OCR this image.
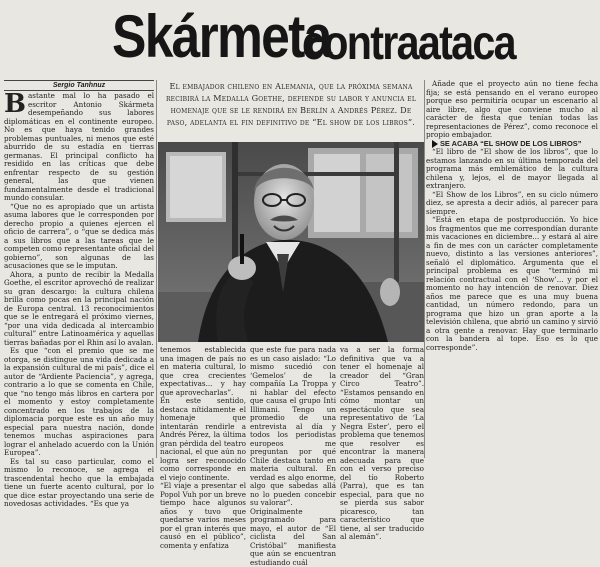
Skármeta
contraataca
Sergio Tanhnuz

Bastante mal lo ha pasado el escritor Antonio Skármeta desempeñando sus labores diplomáticas en el continente europeo. No es que haya tenido grandes problemas puntuales, ni menos que esté aburrido de su estadía en tierras germanas. El principal conflicto ha residido en las críticas que debe enfrentar respecto de su gestión general, las que vienen fundamentalmente desde el tradicional mundo consular.

“Que no es apropiado que un artista asuma labores que le corresponden por derecho propio a quienes ejercen el oficio de carrera”, o “que se dedica más a sus libros que a las tareas que le competen como representante oficial del gobierno”, son algunas de las acusaciones que se le imputan.

Ahora, a punto de recibir la Medalla Goethe, el escritor aprovechó de realizar su gran descargo: la cultura chilena brilla como pocas en la principal nación de Europa central. 13 reconocimientos que se le entregará el próximo viernes, “por una vida dedicada al intercambio cultural” entre Latinoamérica y aquellas tierras bañadas por el Rhin así lo avalan.

Es que “con el premio que se me otorga, se distingue una vida dedicada a la expansión cultural de mi país”, dice el autor de “Ardiente Paciencia”, y agrega, contrario a lo que se comenta en Chile, que “no tengo más libros en cartera por el momento y estoy completamente concentrado en los trabajos de la diplomacia porque este es un año muy especial para nuestra nación, donde tenemos muchas aspiraciones para lograr el anhelado acuerdo con la Unión Europea”.

Es tal su caso particular, como el mismo lo reconoce, se agrega el trascendental hecho que la embajada tiene un fuerte acento cultural, por lo que dice estar proyectando una serie de novedosas actividades. “Es que ya

El embajador chileno en Alemania, que la próxima semana recibirá la Medalla Goethe, defiende su labor y anuncia el homenaje que se le rendirá en Berlín a Andrés Pérez. De paso, adelanta el fin definitivo de “El show de los libros”.
tenemos establecida una imagen de país no en materia cultural, lo que crea crecientes expectativas... y hay que aprovecharlas”.
En este sentido, destaca nítidamente el homenaje que intentarán rendirle a Andrés Pérez, la última gran pérdida del teatro nacional, el que aún no logra ser reconocido como corresponde en el viejo continente.
“El viaje a presentar el Popol Vuh por un breve tiempo hace algunos años y tuvo que quedarse varios meses por el gran interés que causó en el público”, comenta y enfatiza
que este fue para nada es un caso aislado: “Lo mismo sucedió con ‘Gemelos’ de la compañía La Troppa y ni hablar del efecto que causa el grupo Inti Illimani. Tengo un promedio de una entrevista al día y todos los periodistas europeos me preguntan por qué Chile destaca tanto en materia cultural. En verdad es algo enorme, algo que sabedas allá no lo pueden concebir su valorar”.
Originalmente programado para mayo, el autor de “El ciclista del San Cristóbal” manifiesta que aún se encuentran estudiando cuál
va a ser la forma definitiva que va a tener el homenaje al creador del “Gran Circo Teatro”. “Estamos pensando en cómo montar un espectáculo que sea representativo de ‘La Negra Ester’, pero el problema que tenemos que resolver es encontrar la manera adecuada para que con el verso preciso del tío Roberto (Parra), que es tan especial, para que no se pierda sus sabor picaresco, tan característico que tiene, al ser traducido al alemán”.

Añade que el proyecto aún no tiene fecha fija; se está pensando en el verano europeo porque eso permitiría ocupar un escenario al aire libre, algo que conviene mucho al carácter de fiesta que tenían todas las representaciones de Pérez”, como reconoce el propio embajador.

SE ACABA “EL SHOW DE LOS LIBROS”

“El libro de “El show de los libros”, que lo estamos lanzando en su última temporada del programa más emblemático de la cultura chilena y, lejos, el de mayor llegada al extranjero.

“El Show de los Libros”, en su ciclo número diez, se apresta a decir adiós, al parecer para siempre.

“Está en etapa de postproducción. Yo hice los fragmentos que me correspondían durante mis vacaciones en diciembre... y estará al aire a fin de mes con un carácter completamente nuevo, distinto a las versiones anteriores”, señaló el diplomático. Argumenta que el principal problema es que “terminó mi relación contractual con el ‘Show’... y por el momento no hay intención de renovar. Diez años me parece que es una muy buena cantidad, un número redondo, para un programa que hizo un gran aporte a la televisión chilena, que abrió un camino y sirvió a otra gente a renovar. Hay que terminarlo con la bandera al tope. Eso es lo que corresponde”.
